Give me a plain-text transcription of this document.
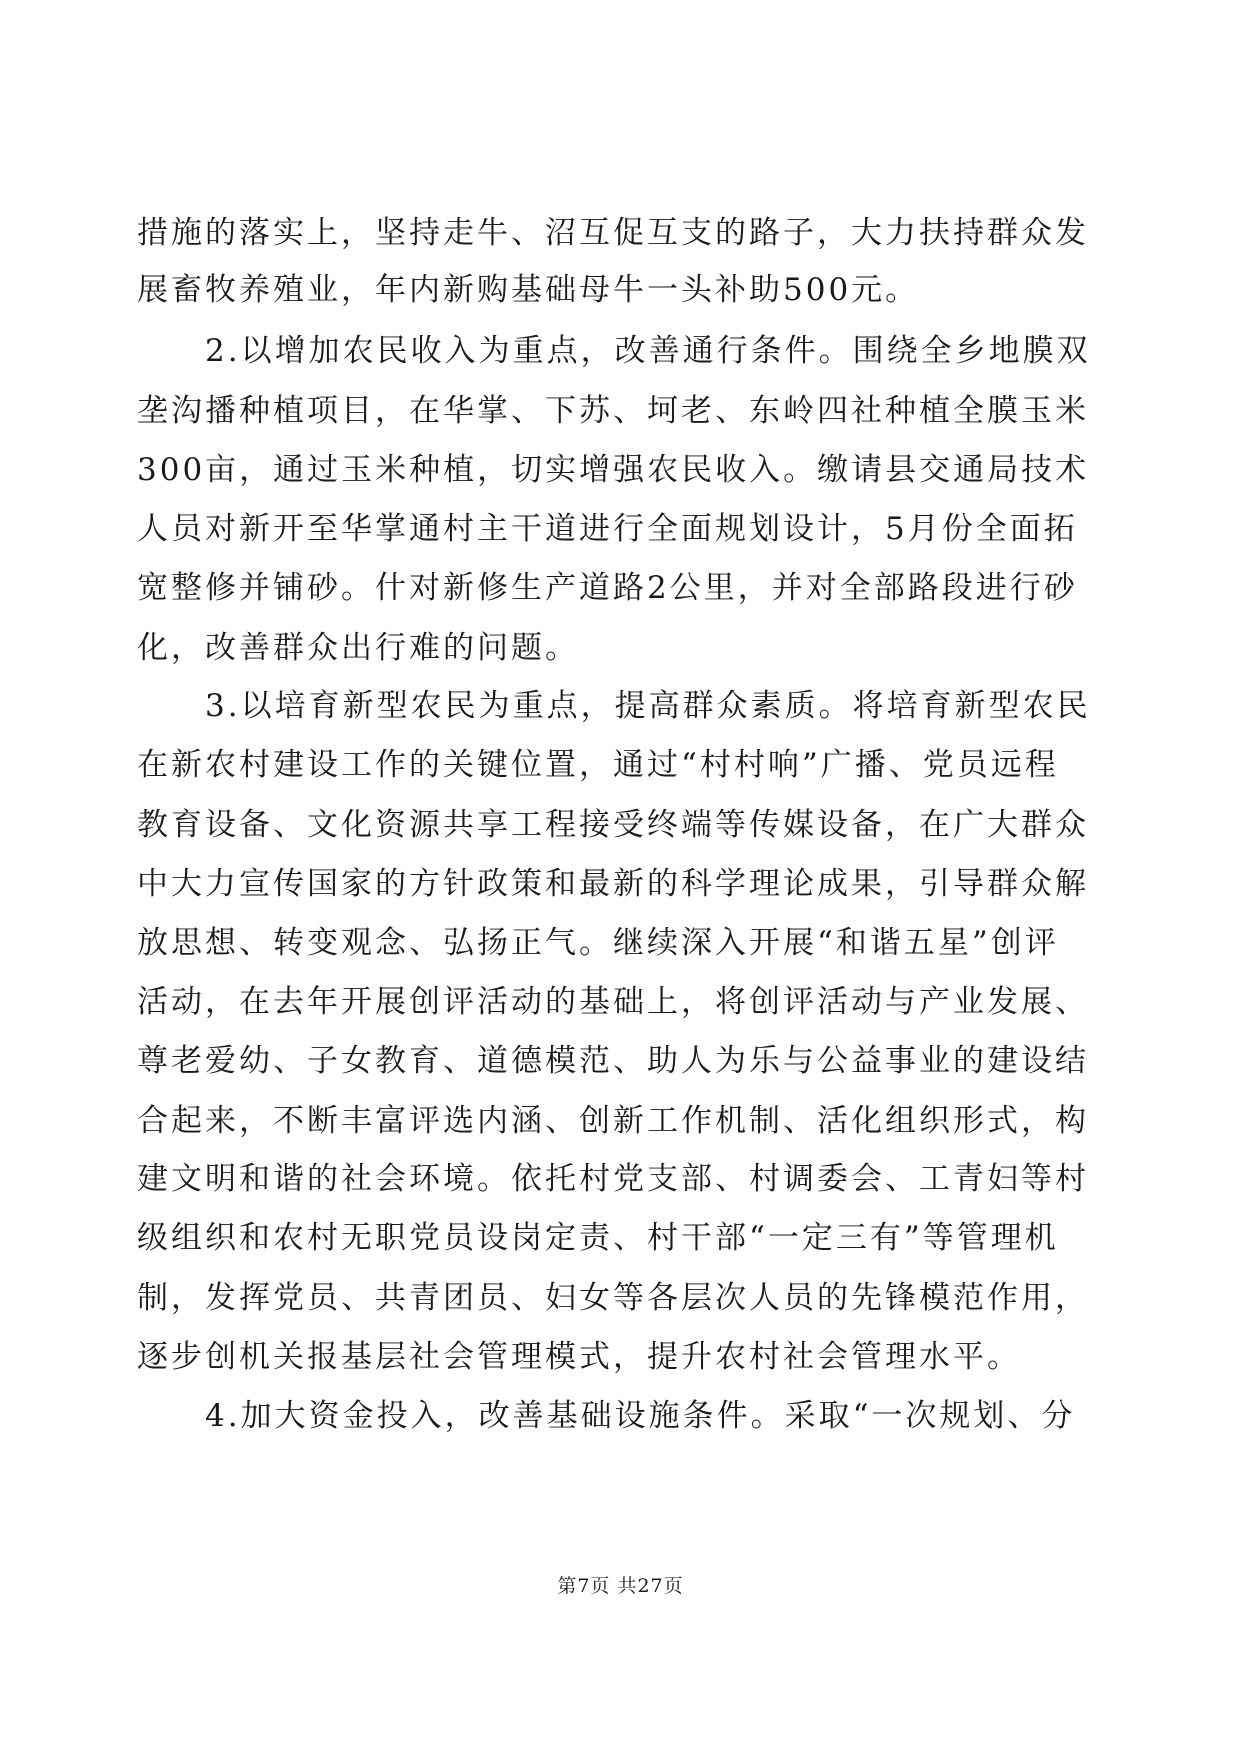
措施的落实上，坚持走牛、沼互促互支的路子，大力扶持群众发
展畜牧养殖业，年内新购基础母牛一头补助500元。
　　2.以增加农民收入为重点，改善通行条件。围绕全乡地膜双
垄沟播种植项目，在华掌、下苏、坷老、东岭四社种植全膜玉米
300亩，通过玉米种植，切实增强农民收入。缴请县交通局技术
人员对新开至华掌通村主干道进行全面规划设计，5月份全面拓
宽整修并铺砂。什对新修生产道路2公里，并对全部路段进行砂
化，改善群众出行难的问题。
　　3.以培育新型农民为重点，提高群众素质。将培育新型农民
在新农村建设工作的关键位置，通过“村村响”广播、党员远程
教育设备、文化资源共享工程接受终端等传媒设备，在广大群众
中大力宣传国家的方针政策和最新的科学理论成果，引导群众解
放思想、转变观念、弘扬正气。继续深入开展“和谐五星”创评
活动，在去年开展创评活动的基础上，将创评活动与产业发展、
尊老爱幼、子女教育、道德模范、助人为乐与公益事业的建设结
合起来，不断丰富评选内涵、创新工作机制、活化组织形式，构
建文明和谐的社会环境。依托村党支部、村调委会、工青妇等村
级组织和农村无职党员设岗定责、村干部“一定三有”等管理机
制，发挥党员、共青团员、妇女等各层次人员的先锋模范作用，
逐步创机关报基层社会管理模式，提升农村社会管理水平。
　　4.加大资金投入，改善基础设施条件。采取“一次规划、分
第7页 共27页
